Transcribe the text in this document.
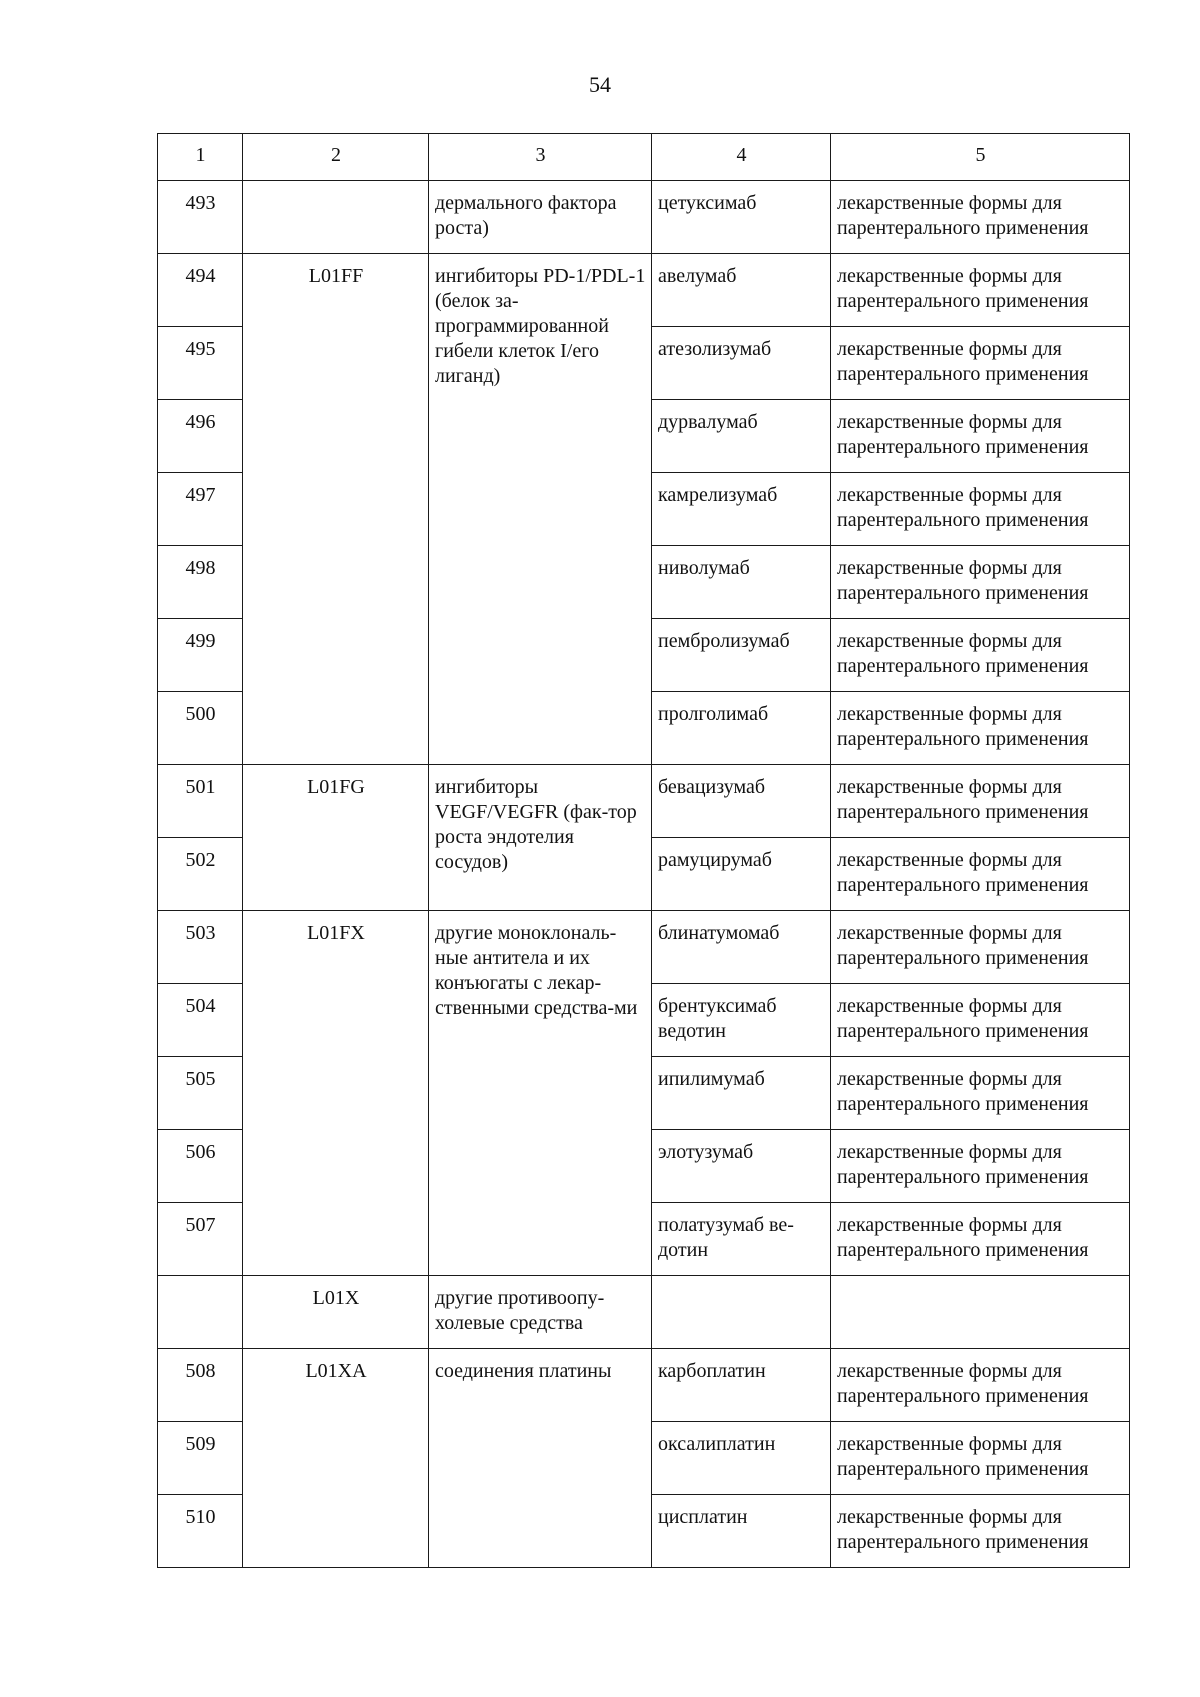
54
1	2	3	4	5
493		дермального фактора роста)	цетуксимаб	лекарственные формы для парентерального применения
494	L01FF	ингибиторы PD-1/PDL-1 (белок за-программированной гибели клеток I/его лиганд)	авелумаб	лекарственные формы для парентерального применения
495			атезолизумаб	лекарственные формы для парентерального применения
496			дурвалумаб	лекарственные формы для парентерального применения
497			камрелизумаб	лекарственные формы для парентерального применения
498			ниволумаб	лекарственные формы для парентерального применения
499			пембролизумаб	лекарственные формы для парентерального применения
500			пролголимаб	лекарственные формы для парентерального применения
501	L01FG	ингибиторы VEGF/VEGFR (фак-тор роста эндотелия сосудов)	бевацизумаб	лекарственные формы для парентерального применения
502			рамуцирумаб	лекарственные формы для парентерального применения
503	L01FX	другие моноклональ-ные антитела и их конъюгаты с лекар-ственными средства-ми	блинатумомаб	лекарственные формы для парентерального применения
504			брентуксимаб ведотин	лекарственные формы для парентерального применения
505			ипилимумаб	лекарственные формы для парентерального применения
506			элотузумаб	лекарственные формы для парентерального применения
507			полатузумаб ве-дотин	лекарственные формы для парентерального применения
	L01X	другие противоопу-холевые средства		
508	L01XA	соединения платины	карбоплатин	лекарственные формы для парентерального применения
509			оксалиплатин	лекарственные формы для парентерального применения
510			цисплатин	лекарственные формы для парентерального применения
